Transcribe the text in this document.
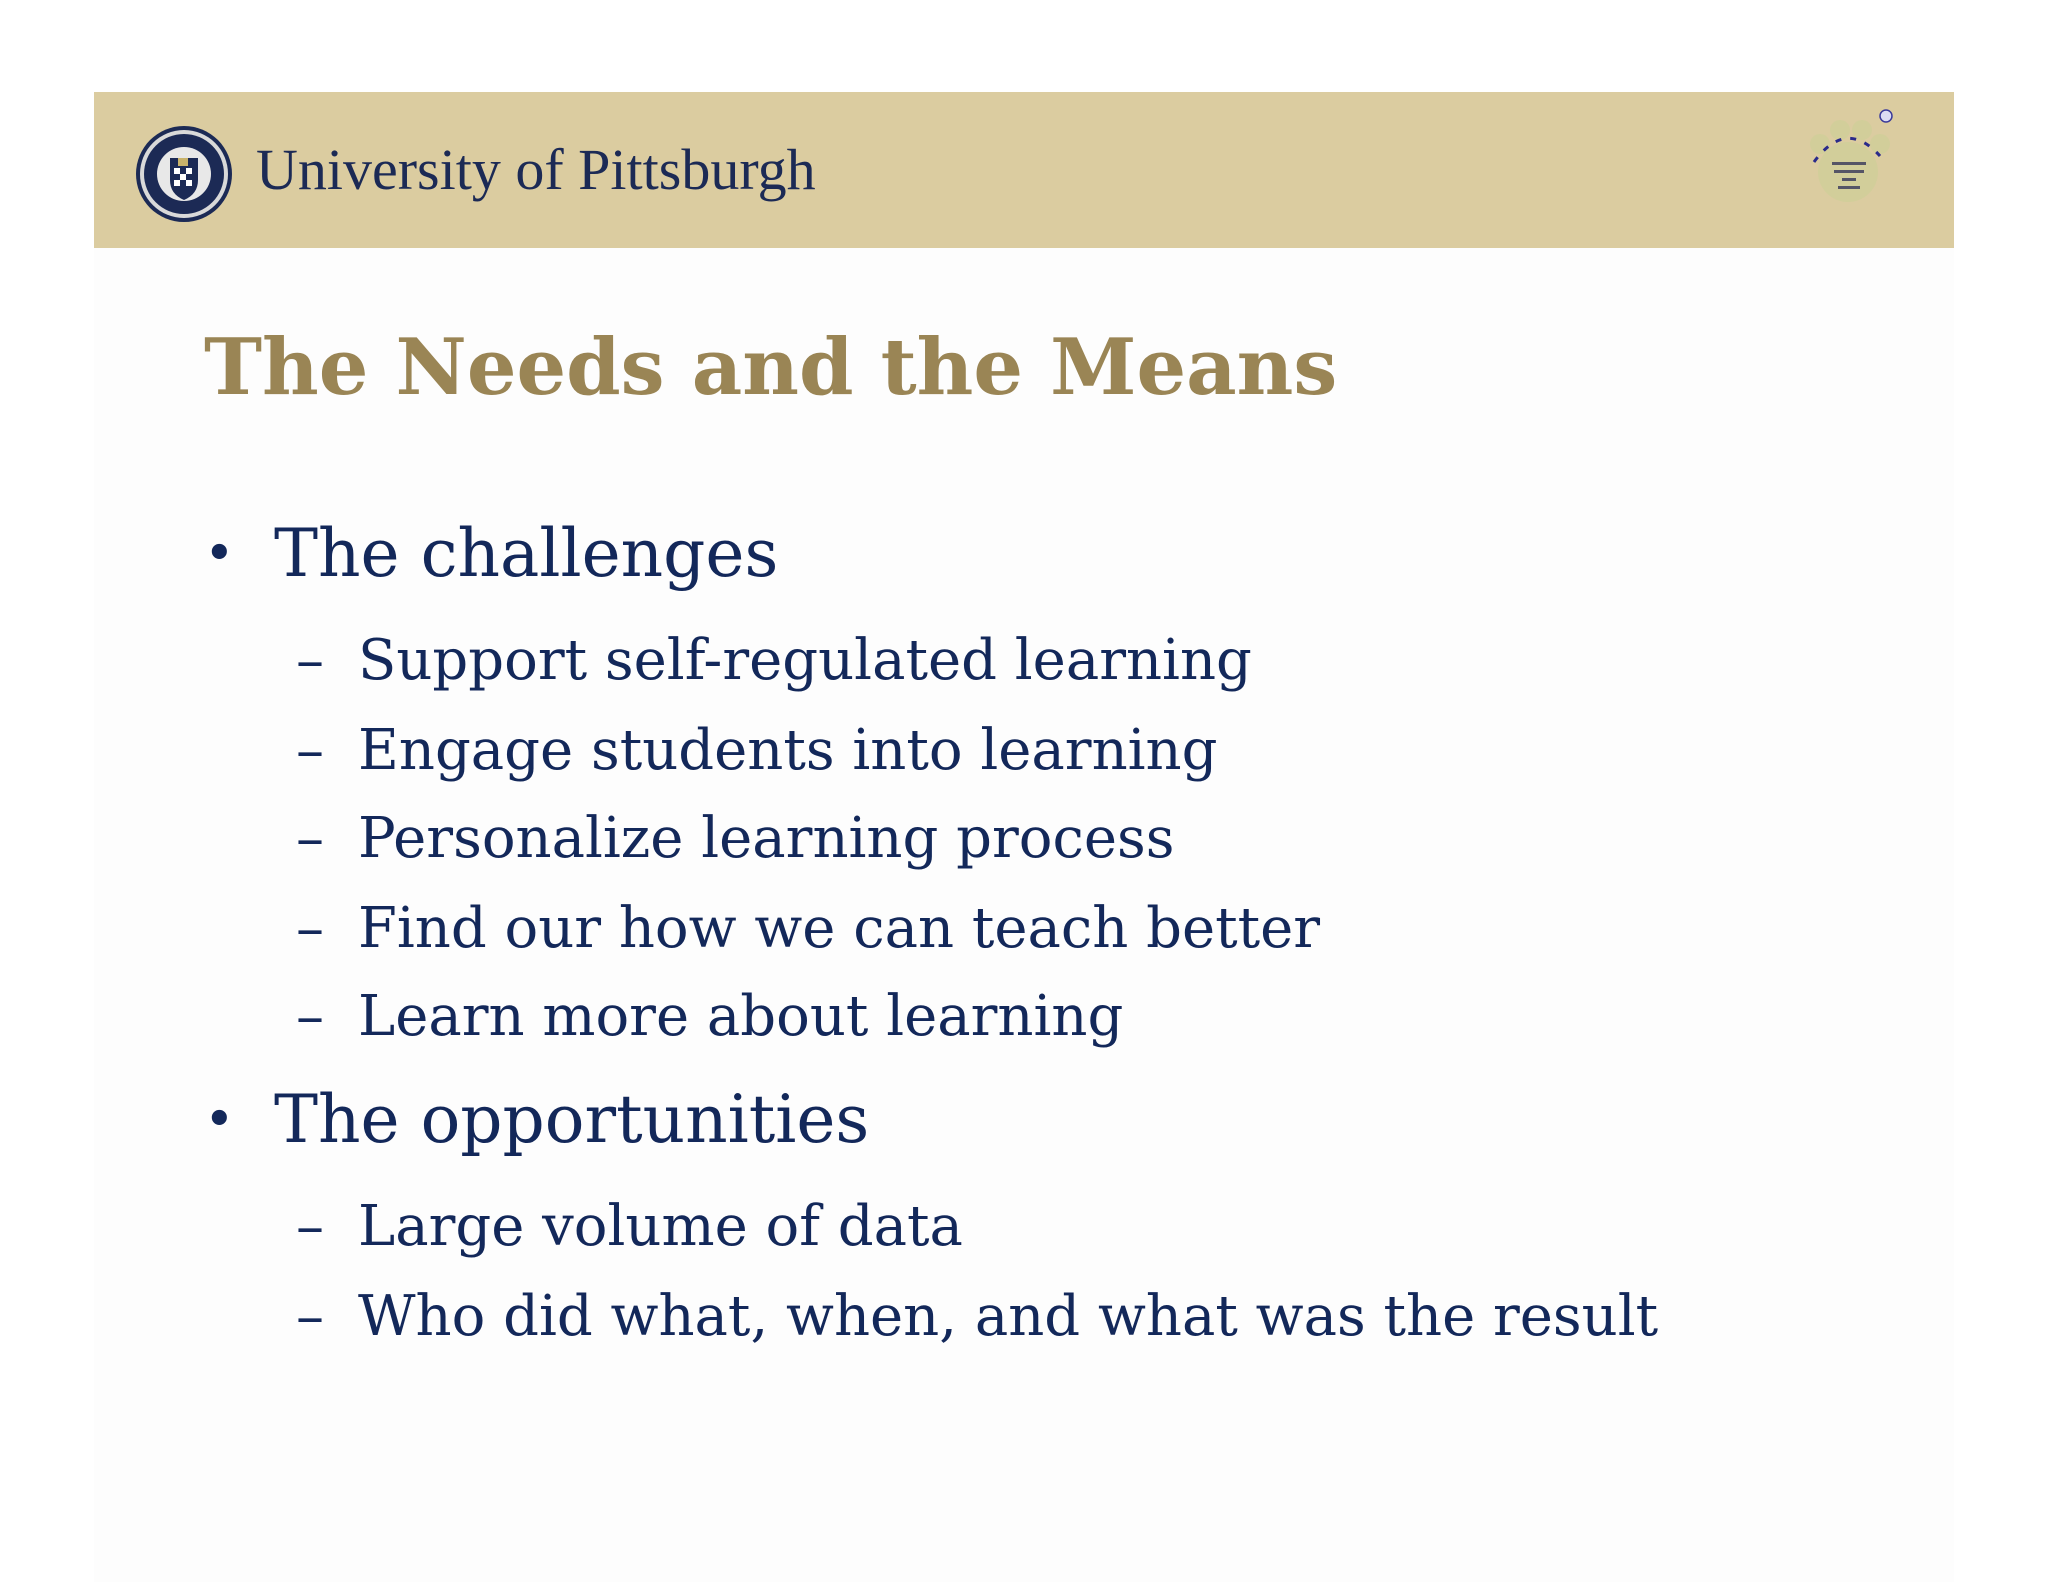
University of Pittsburgh
The Needs and the Means
• The challenges
– Support self-regulated learning
– Engage students into learning
– Personalize learning process
– Find our how we can teach better
– Learn more about learning
• The opportunities
– Large volume of data
– Who did what, when, and what was the result
